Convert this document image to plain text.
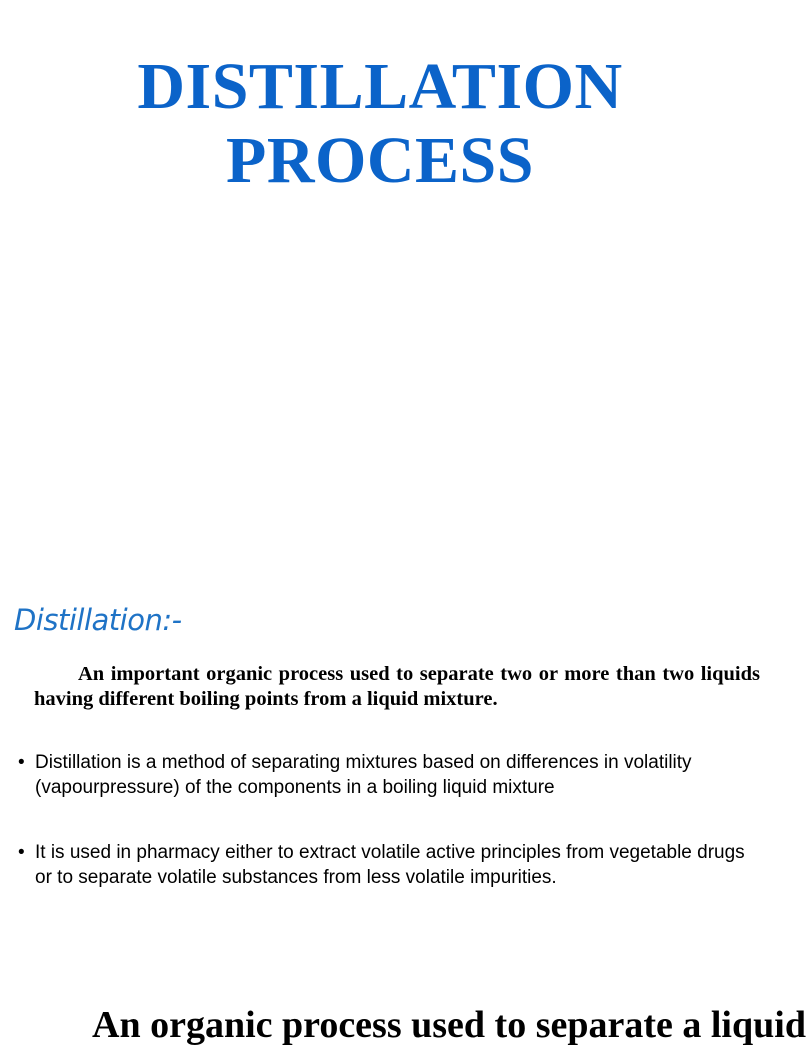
DISTILLATION
PROCESS
Distillation:-

An important organic process used to separate two or more than two liquids having different boiling points from a liquid mixture.

• Distillation is a method of separating mixtures based on differences in volatility (vapourpressure) of the components in a boiling liquid mixture
• It is used in pharmacy either to extract volatile active principles from vegetable drugs or to separate volatile substances from less volatile impurities.
An organic process used to separate a liquid
